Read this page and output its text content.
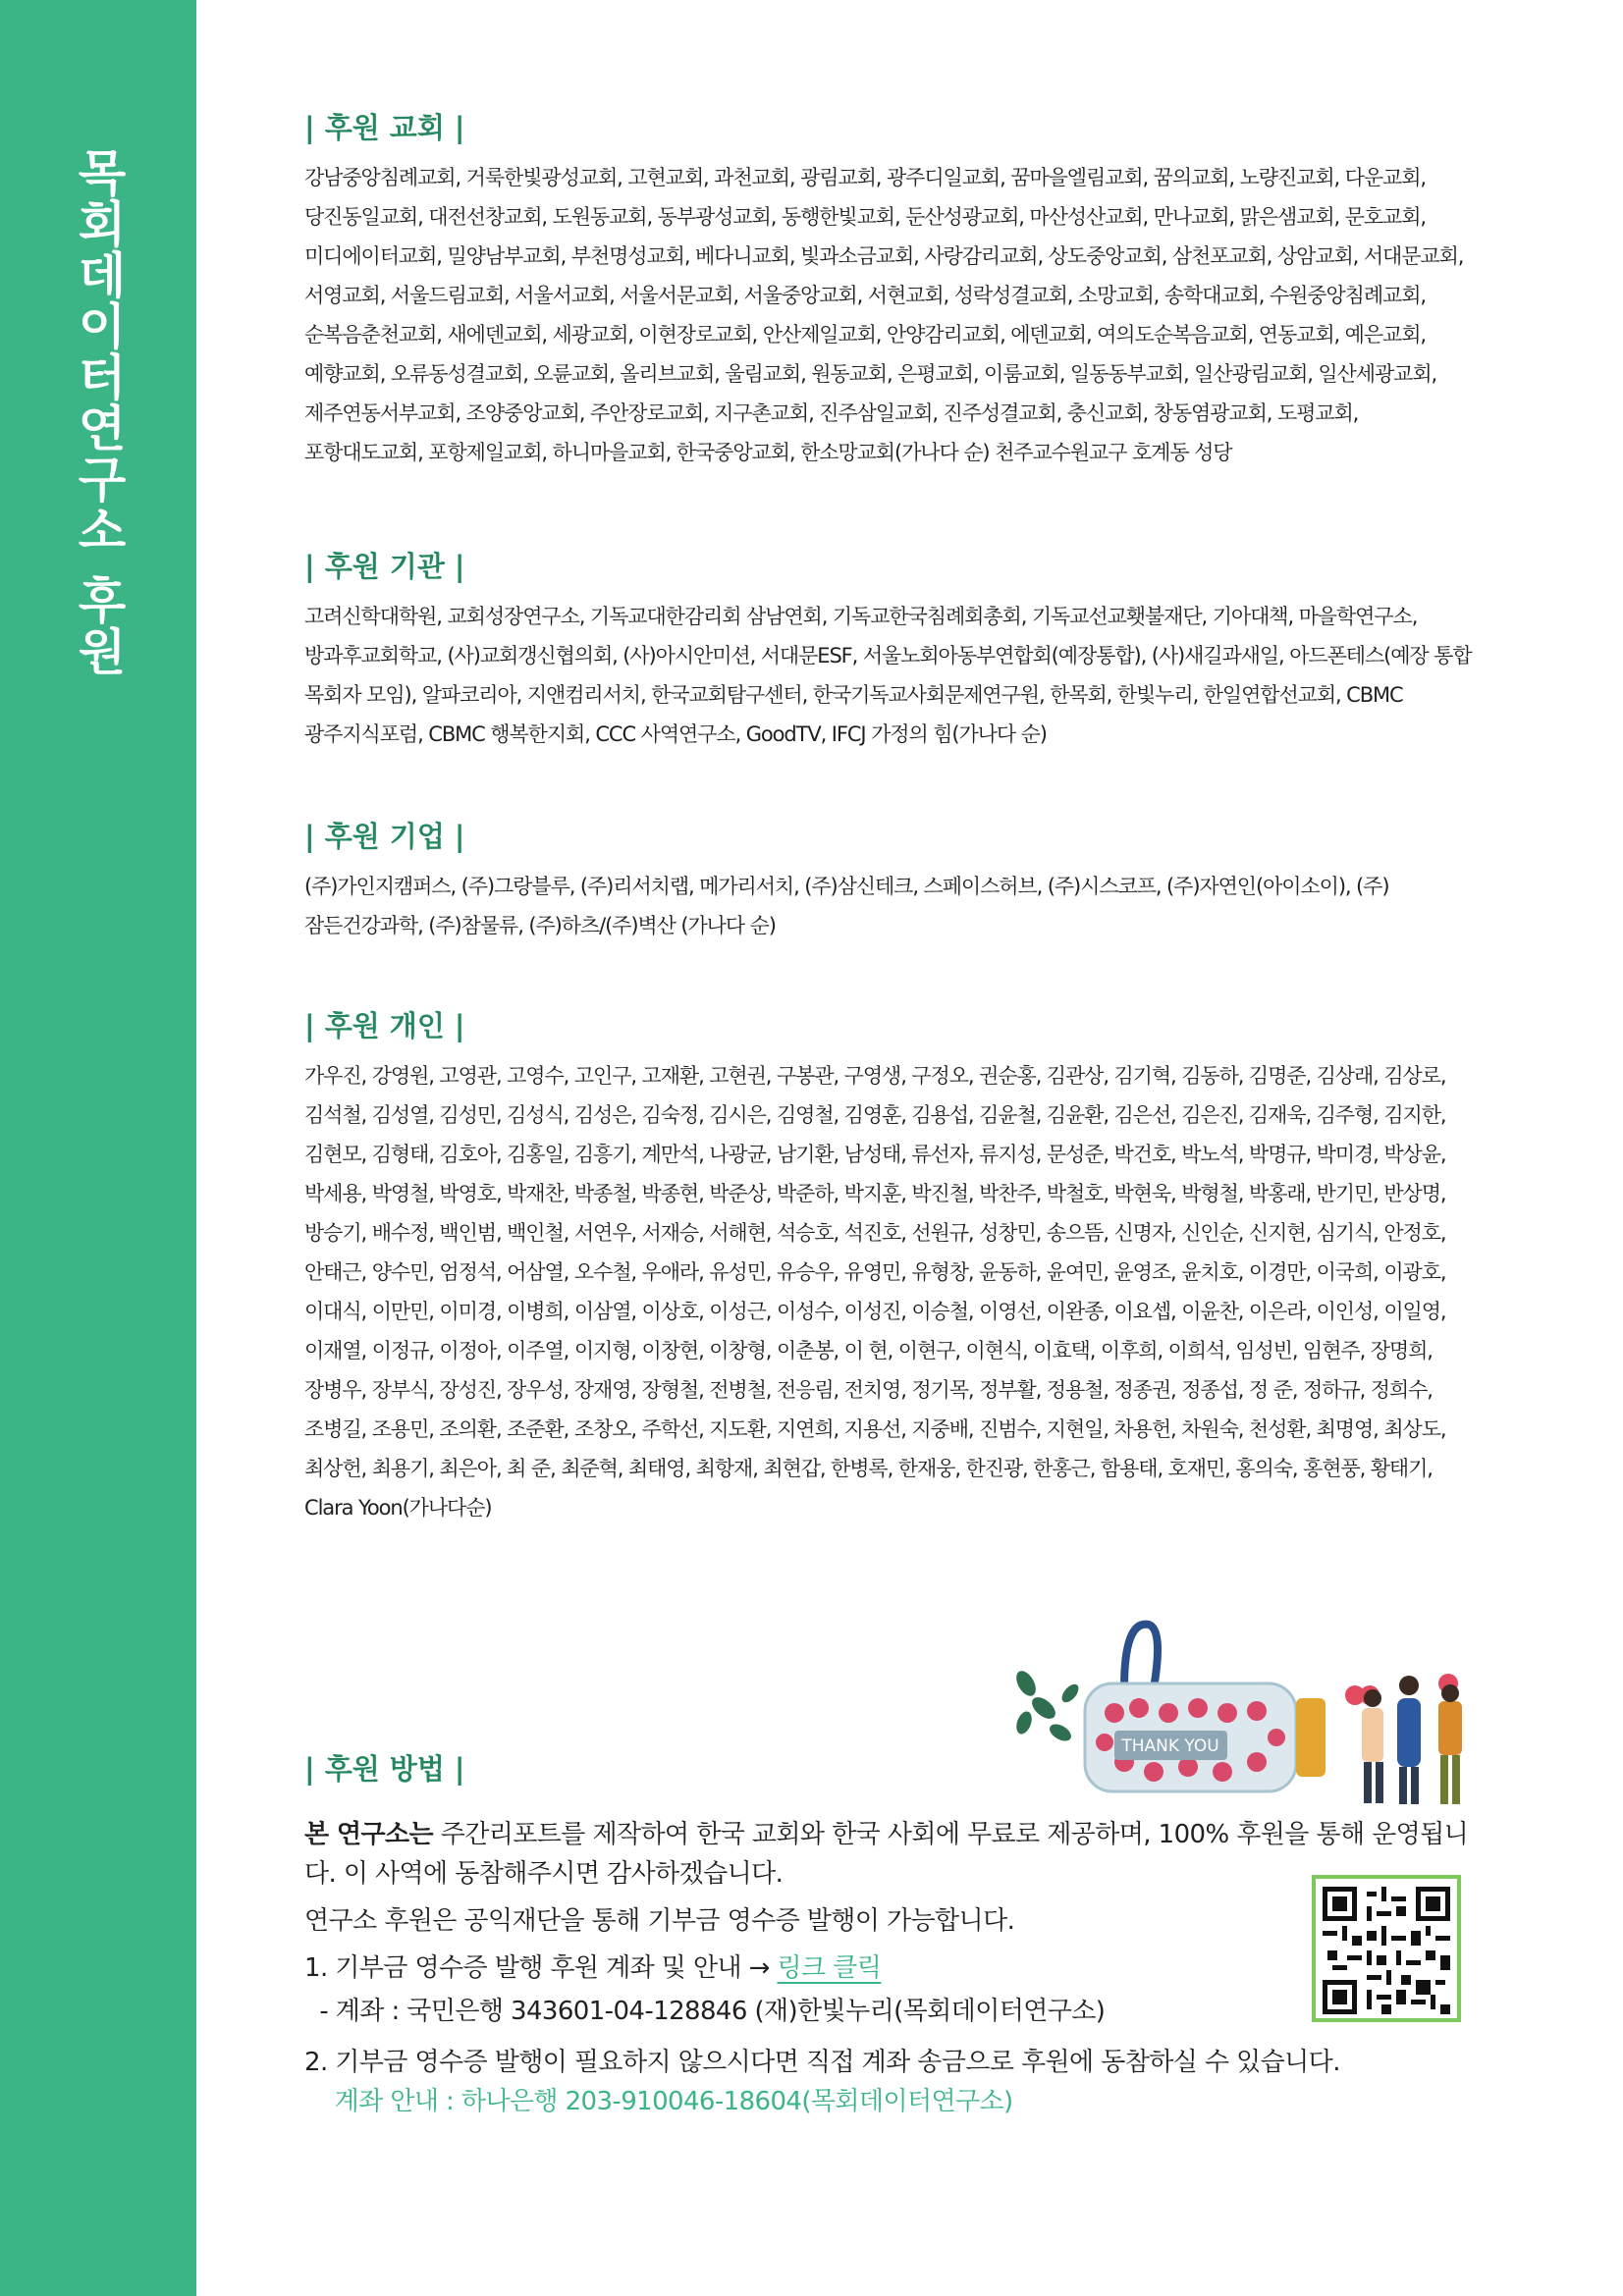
목회데이터연구소 후원
| 후원 교회 |

강남중앙침례교회, 거룩한빛광성교회, 고현교회, 과천교회, 광림교회, 광주디일교회, 꿈마을엘림교회, 꿈의교회, 노량진교회, 다운교회, 당진동일교회, 대전선창교회, 도원동교회, 동부광성교회, 동행한빛교회, 둔산성광교회, 마산성산교회, 만나교회, 맑은샘교회, 문호교회, 미디에이터교회, 밀양남부교회, 부천명성교회, 베다니교회, 빛과소금교회, 사랑감리교회, 상도중앙교회, 삼천포교회, 상암교회, 서대문교회, 서영교회, 서울드림교회, 서울서교회, 서울서문교회, 서울중앙교회, 서현교회, 성락성결교회, 소망교회, 송학대교회, 수원중앙침례교회, 순복음춘천교회, 새에덴교회, 세광교회, 이현장로교회, 안산제일교회, 안양감리교회, 에덴교회, 여의도순복음교회, 연동교회, 예은교회, 예향교회, 오류동성결교회, 오륜교회, 올리브교회, 울림교회, 원동교회, 은평교회, 이룸교회, 일동동부교회, 일산광림교회, 일산세광교회, 제주연동서부교회, 조양중앙교회, 주안장로교회, 지구촌교회, 진주삼일교회, 진주성결교회, 충신교회, 창동염광교회, 도평교회, 포항대도교회, 포항제일교회, 하니마을교회, 한국중앙교회, 한소망교회(가나다 순) 천주교수원교구 호계동 성당

| 후원 기관 |

고려신학대학원, 교회성장연구소, 기독교대한감리회 삼남연회, 기독교한국침례회총회, 기독교선교횃불재단, 기아대책, 마을학연구소, 방과후교회학교, (사)교회갱신협의회, (사)아시안미션, 서대문ESF, 서울노회아동부연합회(예장통합), (사)새길과새일, 아드폰테스(예장 통합 목회자 모임), 알파코리아, 지앤컴리서치, 한국교회탐구센터, 한국기독교사회문제연구원, 한목회, 한빛누리, 한일연합선교회, CBMC 광주지식포럼, CBMC 행복한지회, CCC 사역연구소, GoodTV, IFCJ 가정의 힘(가나다 순)

| 후원 기업 |

(주)가인지캠퍼스, (주)그랑블루, (주)리서치랩, 메가리서치, (주)삼신테크, 스페이스허브, (주)시스코프, (주)자연인(아이소이), (주)잠든건강과학, (주)참물류, (주)하츠/(주)벽산 (가나다 순)

| 후원 개인 |

가우진, 강영원, 고영관, 고영수, 고인구, 고재환, 고현권, 구봉관, 구영생, 구정오, 권순홍, 김관상, 김기혁, 김동하, 김명준, 김상래, 김상로, 김석철, 김성열, 김성민, 김성식, 김성은, 김숙정, 김시은, 김영철, 김영훈, 김용섭, 김윤철, 김윤환, 김은선, 김은진, 김재욱, 김주형, 김지한, 김현모, 김형태, 김호아, 김홍일, 김흥기, 계만석, 나광균, 남기환, 남성태, 류선자, 류지성, 문성준, 박건호, 박노석, 박명규, 박미경, 박상윤, 박세용, 박영철, 박영호, 박재찬, 박종철, 박종현, 박준상, 박준하, 박지훈, 박진철, 박찬주, 박철호, 박현욱, 박형철, 박홍래, 반기민, 반상명, 방승기, 배수정, 백인범, 백인철, 서연우, 서재승, 서해현, 석승호, 석진호, 선원규, 성창민, 송으뜸, 신명자, 신인순, 신지현, 심기식, 안정호, 안태근, 양수민, 엄정석, 어삼열, 오수철, 우애라, 유성민, 유승우, 유영민, 유형창, 윤동하, 윤여민, 윤영조, 윤치호, 이경만, 이국희, 이광호, 이대식, 이만민, 이미경, 이병희, 이삼열, 이상호, 이성근, 이성수, 이성진, 이승철, 이영선, 이완종, 이요셉, 이윤찬, 이은라, 이인성, 이일영, 이재열, 이정규, 이정아, 이주열, 이지형, 이창현, 이창형, 이춘봉, 이 현, 이현구, 이현식, 이효택, 이후희, 이희석, 임성빈, 임현주, 장명희, 장병우, 장부식, 장성진, 장우성, 장재영, 장형철, 전병철, 전응림, 전치영, 정기목, 정부활, 정용철, 정종권, 정종섭, 정 준, 정하규, 정희수, 조병길, 조용민, 조의환, 조준환, 조창오, 주학선, 지도환, 지연희, 지용선, 지중배, 진범수, 지현일, 차용헌, 차원숙, 천성환, 최명영, 최상도, 최상헌, 최용기, 최은아, 최 준, 최준혁, 최태영, 최항재, 최현갑, 한병록, 한재웅, 한진광, 한홍근, 함용태, 호재민, 홍의숙, 홍현풍, 황태기, Clara Yoon(가나다순)

THANK YOU
| 후원 방법 |

본 연구소는 주간리포트를 제작하여 한국 교회와 한국 사회에 무료로 제공하며, 100% 후원을 통해 운영됩니다. 이 사역에 동참해주시면 감사하겠습니다.

연구소 후원은 공익재단을 통해 기부금 영수증 발행이 가능합니다.

1. 기부금 영수증 발행 후원 계좌 및 안내 → 링크 클릭

- 계좌 : 국민은행 343601-04-128846 (재)한빛누리(목회데이터연구소)

2. 기부금 영수증 발행이 필요하지 않으시다면 직접 계좌 송금으로 후원에 동참하실 수 있습니다.

계좌 안내 : 하나은행 203-910046-18604(목회데이터연구소)
